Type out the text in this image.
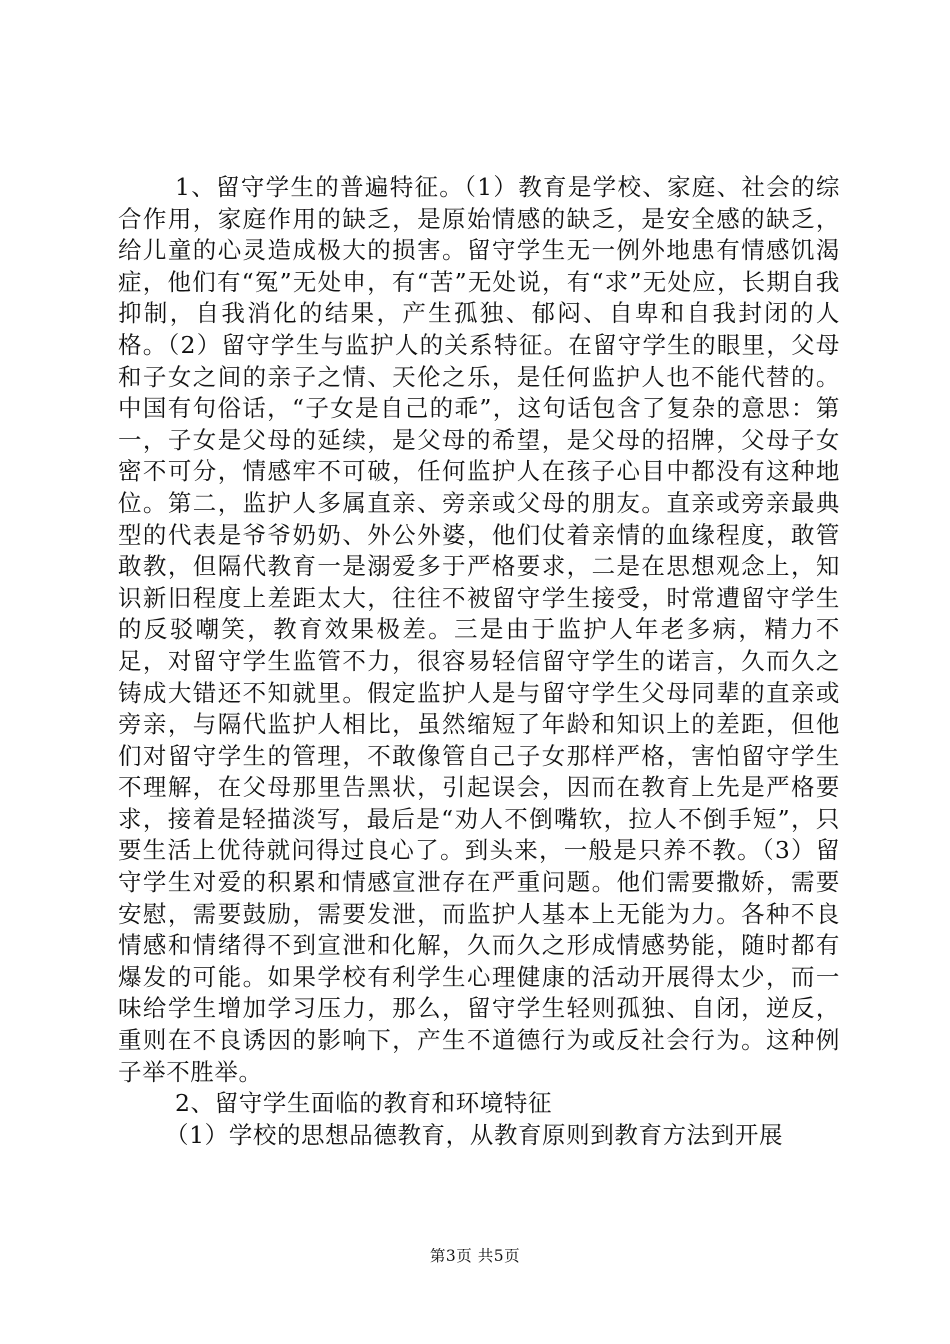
1、留守学生的普遍特征。（1）教育是学校、家庭、社会的综合作用，家庭作用的缺乏，是原始情感的缺乏，是安全感的缺乏，给儿童的心灵造成极大的损害。留守学生无一例外地患有情感饥渴症，他们有“冤”无处申，有“苦”无处说，有“求”无处应，长期自我抑制，自我消化的结果，产生孤独、郁闷、自卑和自我封闭的人格。（2）留守学生与监护人的关系特征。在留守学生的眼里，父母和子女之间的亲子之情、天伦之乐，是任何监护人也不能代替的。中国有句俗话，“子女是自己的乖”，这句话包含了复杂的意思：第一，子女是父母的延续，是父母的希望，是父母的招牌，父母子女密不可分，情感牢不可破，任何监护人在孩子心目中都没有这种地位。第二，监护人多属直亲、旁亲或父母的朋友。直亲或旁亲最典型的代表是爷爷奶奶、外公外婆，他们仗着亲情的血缘程度，敢管敢教，但隔代教育一是溺爱多于严格要求，二是在思想观念上，知识新旧程度上差距太大，往往不被留守学生接受，时常遭留守学生的反驳嘲笑，教育效果极差。三是由于监护人年老多病，精力不足，对留守学生监管不力，很容易轻信留守学生的诺言，久而久之铸成大错还不知就里。假定监护人是与留守学生父母同辈的直亲或旁亲，与隔代监护人相比，虽然缩短了年龄和知识上的差距，但他们对留守学生的管理，不敢像管自己子女那样严格，害怕留守学生不理解，在父母那里告黑状，引起误会，因而在教育上先是严格要求，接着是轻描淡写，最后是“劝人不倒嘴软，拉人不倒手短”，只要生活上优待就问得过良心了。到头来，一般是只养不教。（3）留守学生对爱的积累和情感宣泄存在严重问题。他们需要撒娇，需要安慰，需要鼓励，需要发泄，而监护人基本上无能为力。各种不良情感和情绪得不到宣泄和化解，久而久之形成情感势能，随时都有爆发的可能。如果学校有利学生心理健康的活动开展得太少，而一味给学生增加学习压力，那么，留守学生轻则孤独、自闭，逆反，重则在不良诱因的影响下，产生不道德行为或反社会行为。这种例子举不胜举。

2、留守学生面临的教育和环境特征

（1）学校的思想品德教育，从教育原则到教育方法到开展

第3页 共5页
